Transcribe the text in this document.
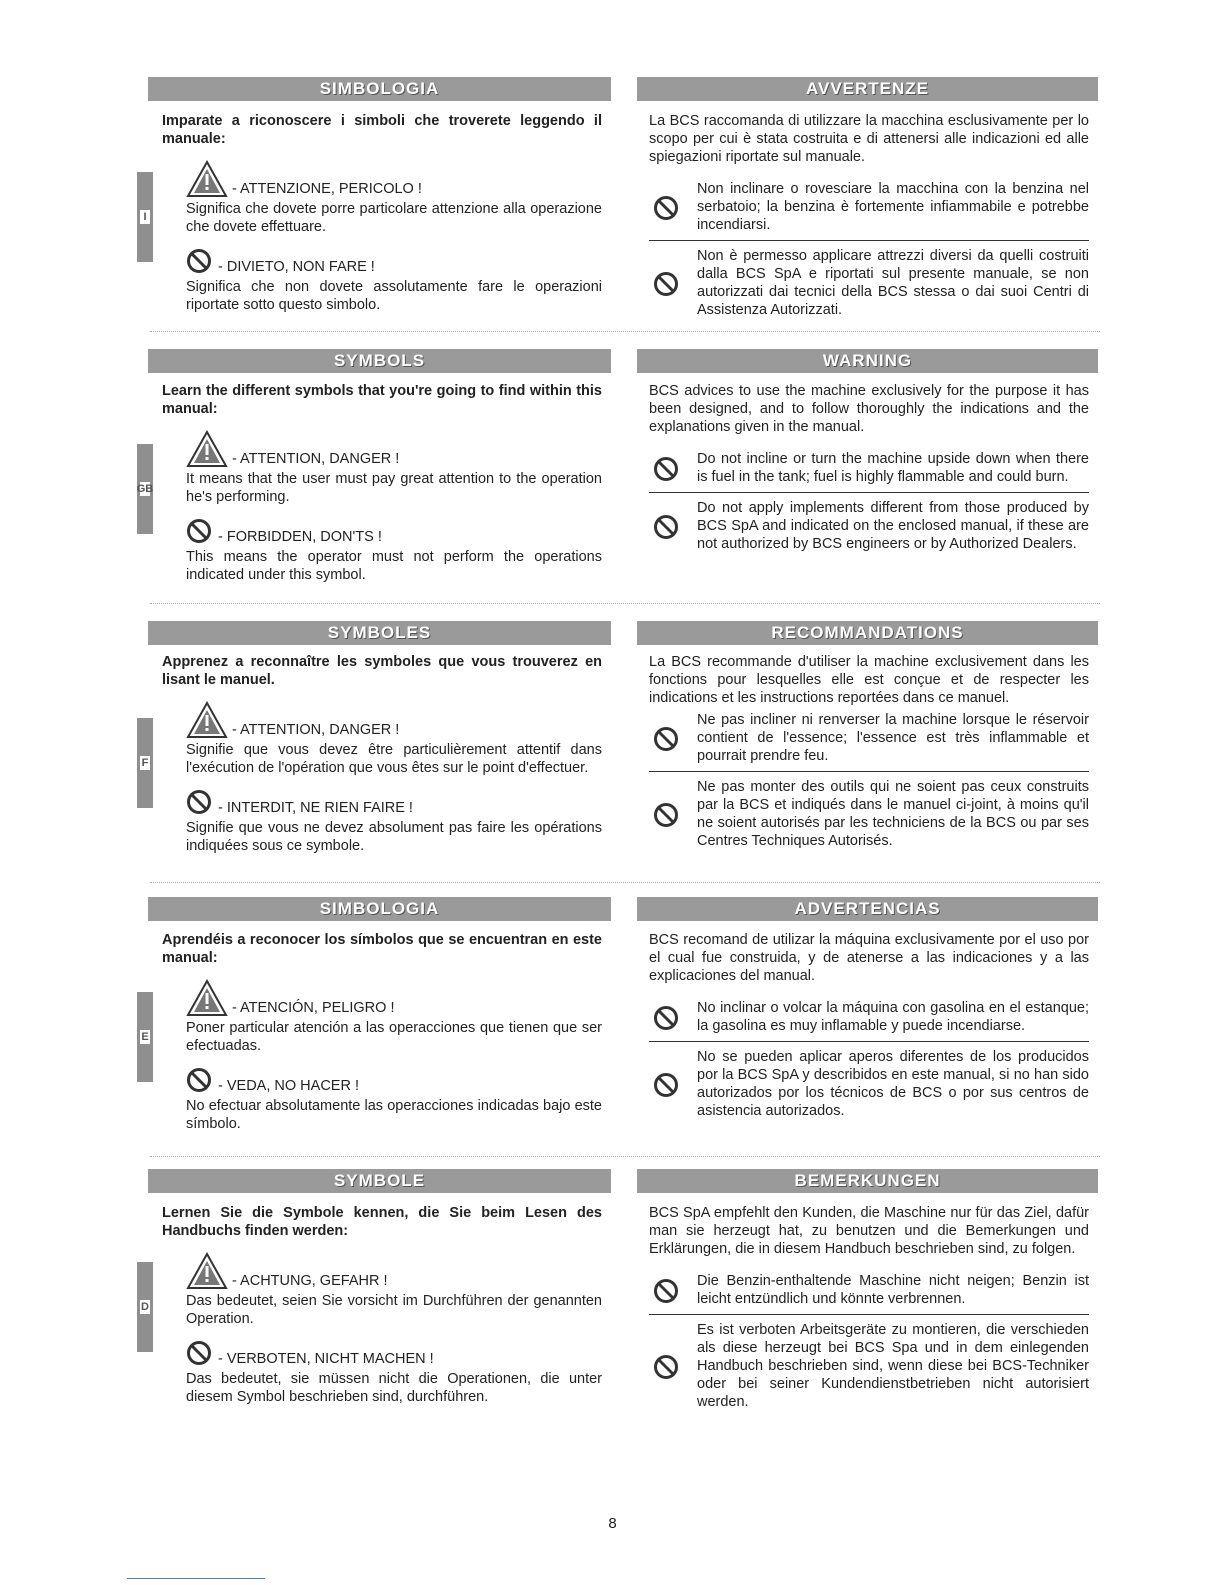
SIMBOLOGIA	AVVERTENZE
I
Imparate a riconoscere i simboli che troverete leggendo il manuale:
- ATTENZIONE, PERICOLO !
Significa che dovete porre particolare attenzione alla operazione che dovete effettuare.
- DIVIETO, NON FARE !
Significa che non dovete assolutamente fare le operazioni riportate sotto questo simbolo.
La BCS raccomanda di utilizzare la macchina esclusivamente per lo scopo per cui è stata costruita e di attenersi alle indicazioni ed alle spiegazioni riportate sul manuale.
Non inclinare o rovesciare la macchina con la benzina nel serbatoio; la benzina è fortemente infiammabile e potrebbe incendiarsi.
Non è permesso applicare attrezzi diversi da quelli costruiti dalla BCS SpA e riportati sul presente manuale, se non autorizzati dai tecnici della BCS stessa o dai suoi Centri di Assistenza Autorizzati.
SYMBOLS	WARNING
GB
Learn the different symbols that you're going to find within this manual:
- ATTENTION, DANGER !
It means that the user must pay great attention to the operation he's performing.
- FORBIDDEN, DON'TS !
This means the operator must not perform the operations indicated under this symbol.
BCS advices to use the machine exclusively for the purpose it has been designed, and to follow thoroughly the indications and the explanations given in the manual.
Do not incline or turn the machine upside down when there is fuel in the tank; fuel is highly flammable and could burn.
Do not apply implements different from those produced by BCS SpA and indicated on the enclosed manual, if these are not authorized by BCS engineers or by Authorized Dealers.
SYMBOLES	RECOMMANDATIONS
F
Apprenez a reconnaître les symboles que vous trouverez en lisant le manuel.
- ATTENTION, DANGER !
Signifie que vous devez être particulièrement attentif dans l'exécution de l'opération que vous êtes sur le point d'effectuer.
- INTERDIT, NE RIEN FAIRE !
Signifie que vous ne devez absolument pas faire les opérations indiquées sous ce symbole.
La BCS recommande d'utiliser la machine exclusivement dans les fonctions pour lesquelles elle est conçue et de respecter les indications et les instructions reportées dans ce manuel.
Ne pas incliner ni renverser la machine lorsque le réservoir contient de l'essence; l'essence est très inflammable et pourrait prendre feu.
Ne pas monter des outils qui ne soient pas ceux construits par la BCS et indiqués dans le manuel ci-joint, à moins qu'il ne soient autorisés par les techniciens de la BCS ou par ses Centres Techniques Autorisés.
SIMBOLOGIA	ADVERTENCIAS
E
Aprendéis a reconocer los símbolos que se encuentran en este manual:
- ATENCIÓN, PELIGRO !
Poner particular atención a las operacciones que tienen que ser efectuadas.
- VEDA, NO HACER !
No efectuar absolutamente las operacciones indicadas bajo este símbolo.
BCS recomand de utilizar la máquina exclusivamente por el uso por el cual fue construida, y de atenerse a las indicaciones y a las explicaciones del manual.
No inclinar o volcar la máquina con gasolina en el estanque; la gasolina es muy inflamable y puede incendiarse.
No se pueden aplicar aperos diferentes de los producidos por la BCS SpA y describidos en este manual, si no han sido autorizados por los técnicos de BCS o por sus centros de asistencia autorizados.
SYMBOLE	BEMERKUNGEN
D
Lernen Sie die Symbole kennen, die Sie beim Lesen des Handbuchs finden werden:
- ACHTUNG, GEFAHR !
Das bedeutet, seien Sie vorsicht im Durchführen der genannten Operation.
- VERBOTEN, NICHT MACHEN !
Das bedeutet, sie müssen nicht die Operationen, die unter diesem Symbol beschrieben sind, durchführen.
BCS SpA empfehlt den Kunden, die Maschine nur für das Ziel, dafür man sie herzeugt hat, zu benutzen und die Bemerkungen und Erklärungen, die in diesem Handbuch beschrieben sind, zu folgen.
Die Benzin-enthaltende Maschine nicht neigen; Benzin ist leicht entzündlich und könnte verbrennen.
Es ist verboten Arbeitsgeräte zu montieren, die verschieden als diese herzeugt bei BCS Spa und in dem einlegenden Handbuch beschrieben sind, wenn diese bei BCS-Techniker oder bei seiner Kundendienstbetrieben nicht autorisiert werden.
8
